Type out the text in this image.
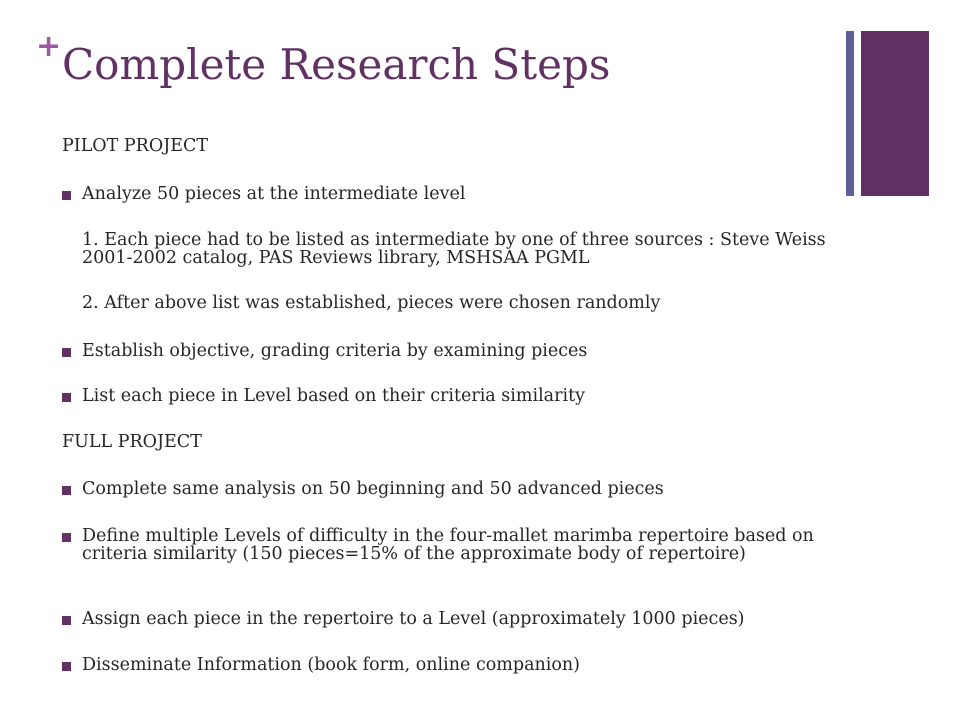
+ Complete Research Steps
PILOT PROJECT
Analyze 50 pieces at the intermediate level
1. Each piece had to be listed as intermediate by one of three sources : Steve Weiss 2001-2002 catalog, PAS Reviews library, MSHSAA PGML
2. After above list was established, pieces were chosen randomly
Establish objective, grading criteria by examining pieces
List each piece in Level based on their criteria similarity
FULL PROJECT
Complete same analysis on 50 beginning and 50 advanced pieces
Define multiple Levels of difficulty in the four-mallet marimba repertoire based on criteria similarity (150 pieces=15% of the approximate body of repertoire)
Assign each piece in the repertoire to a Level (approximately 1000 pieces)
Disseminate Information (book form, online companion)
